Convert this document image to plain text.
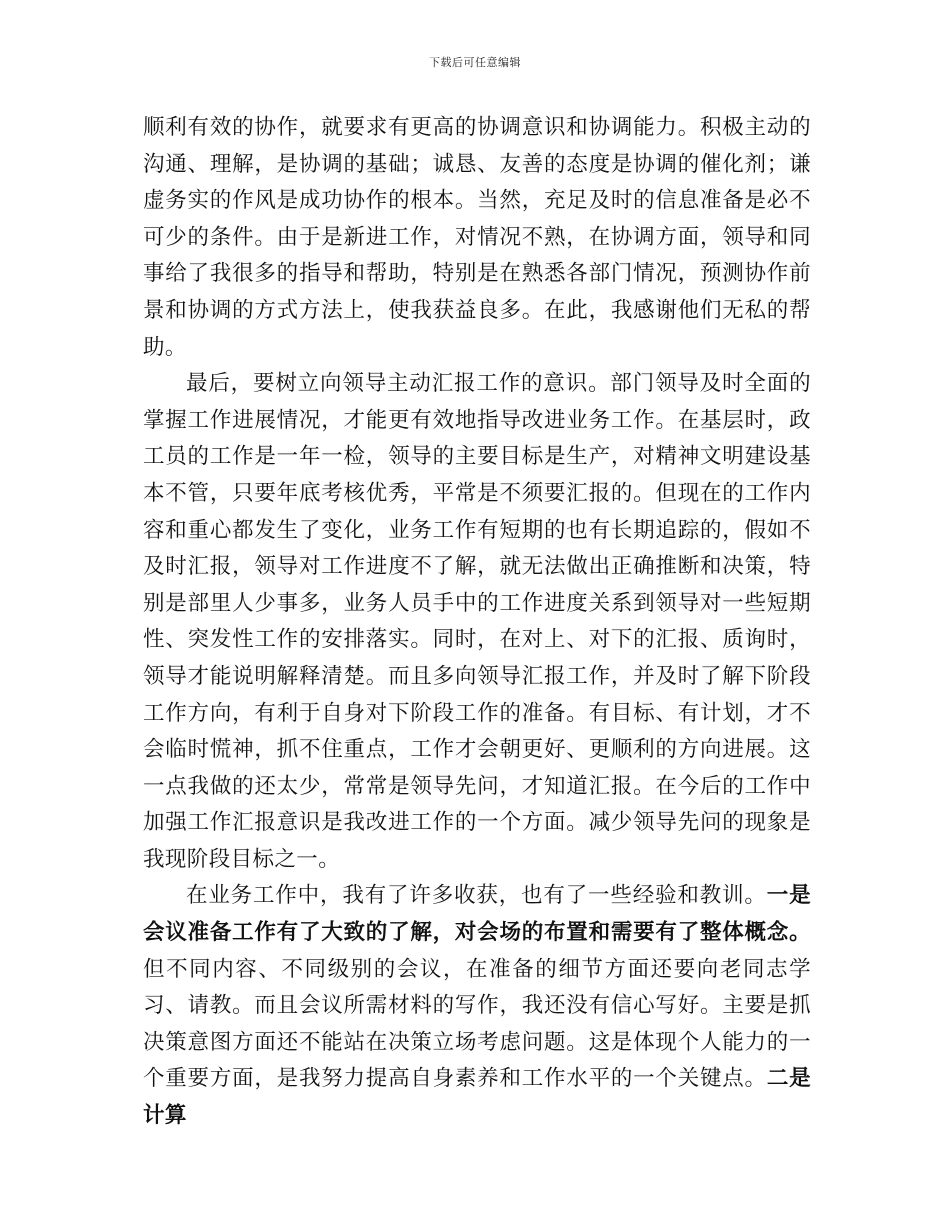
下载后可任意编辑

顺利有效的协作，就要求有更高的协调意识和协调能力。积极主动的沟通、理解，是协调的基础；诚恳、友善的态度是协调的催化剂；谦虚务实的作风是成功协作的根本。当然，充足及时的信息准备是必不可少的条件。由于是新进工作，对情况不熟，在协调方面，领导和同事给了我很多的指导和帮助，特别是在熟悉各部门情况，预测协作前景和协调的方式方法上，使我获益良多。在此，我感谢他们无私的帮助。

最后，要树立向领导主动汇报工作的意识。部门领导及时全面的掌握工作进展情况，才能更有效地指导改进业务工作。在基层时，政工员的工作是一年一检，领导的主要目标是生产，对精神文明建设基本不管，只要年底考核优秀，平常是不须要汇报的。但现在的工作内容和重心都发生了变化，业务工作有短期的也有长期追踪的，假如不及时汇报，领导对工作进度不了解，就无法做出正确推断和决策，特别是部里人少事多，业务人员手中的工作进度关系到领导对一些短期性、突发性工作的安排落实。同时，在对上、对下的汇报、质询时，领导才能说明解释清楚。而且多向领导汇报工作，并及时了解下阶段工作方向，有利于自身对下阶段工作的准备。有目标、有计划，才不会临时慌神，抓不住重点，工作才会朝更好、更顺利的方向进展。这一点我做的还太少，常常是领导先问，才知道汇报。在今后的工作中加强工作汇报意识是我改进工作的一个方面。减少领导先问的现象是我现阶段目标之一。

在业务工作中，我有了许多收获，也有了一些经验和教训。一是会议准备工作有了大致的了解，对会场的布置和需要有了整体概念。但不同内容、不同级别的会议，在准备的细节方面还要向老同志学习、请教。而且会议所需材料的写作，我还没有信心写好。主要是抓决策意图方面还不能站在决策立场考虑问题。这是体现个人能力的一个重要方面，是我努力提高自身素养和工作水平的一个关键点。二是计算
